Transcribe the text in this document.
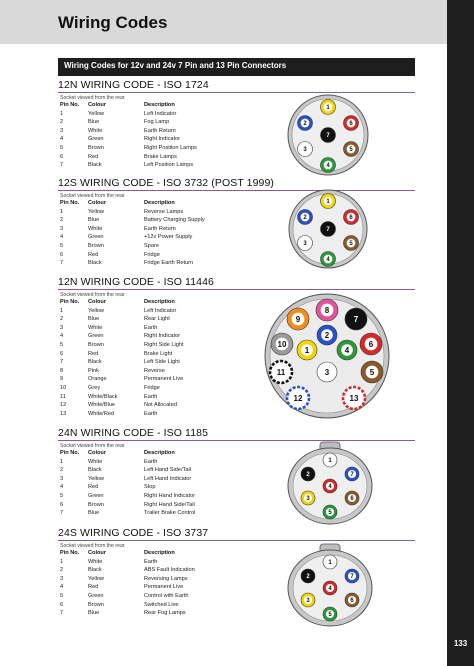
Wiring Codes
133
Wiring Codes for 12v and 24v 7 Pin and 13 Pin Connectors
12N WIRING CODE - ISO 1724
Socket viewed from the rear
Pin No. Colour	Description
1	Yellow	Left Indicator
2	Blue	Fog Lamp
3	White	Earth Return
4	Green	Right Indicator
5	Brown	Right Position Lamps
6	Red	Brake Lamps
7	Black	Left Position Lamps
1
2
3
4
5
6
7
12S WIRING CODE - ISO 3732 (POST 1999)
Socket viewed from the rear
Pin No. Colour	Description
1	Yellow	Reverse Lamps
2	Blue	Battery Charging Supply
3	White	Earth Return
4	Green	+12v Power Supply
5	Brown	Spare
6	Red	Fridge
7	Black	Fridge Earth Return
1
2
3
4
5
6
7
12N WIRING CODE - ISO 11446
Socket viewed from the rear
Pin No. Colour	Description
1	Yellow	Left Indicator
2	Blue	Rear Light
3	White	Earth
4	Green	Right Indicator
5	Brown	Right Side Light
6	Red	Brake Light
7	Black	Left Side Light
8	Pink	Reverse
9	Orange	Permanent Live
10	Grey	Fridge
11	White/Black	Earth
12	White/Blue	Not Allocated
13	White/Red	Earth
1
2
3
4
5
6
7
8
9
10
11
12	13
24N WIRING CODE - ISO 1185
Socket viewed from the rear
Pin No. Colour	Description
1	White	Earth
2	Black	Left Hand Side/Tail
3	Yellow	Left Hand Indicator
4	Red	Stop
5	Green	Right Hand Indicator
6	Brown	Right Hand Side/Tail
7	Blue	Trailer Brake Control
1
2
3
4
5
6
7
24S WIRING CODE - ISO 3737
Socket viewed from the rear
Pin No. Colour	Description
1	White	Earth
2	Black	ABS Fault Indication
3	Yellow	Reversing Lamps
4	Red	Permanent Live
5	Green	Control with Earth
6	Brown	Switched Live
7	Blue	Rear Fog Lamps
1
2
3
4
5
6
7
